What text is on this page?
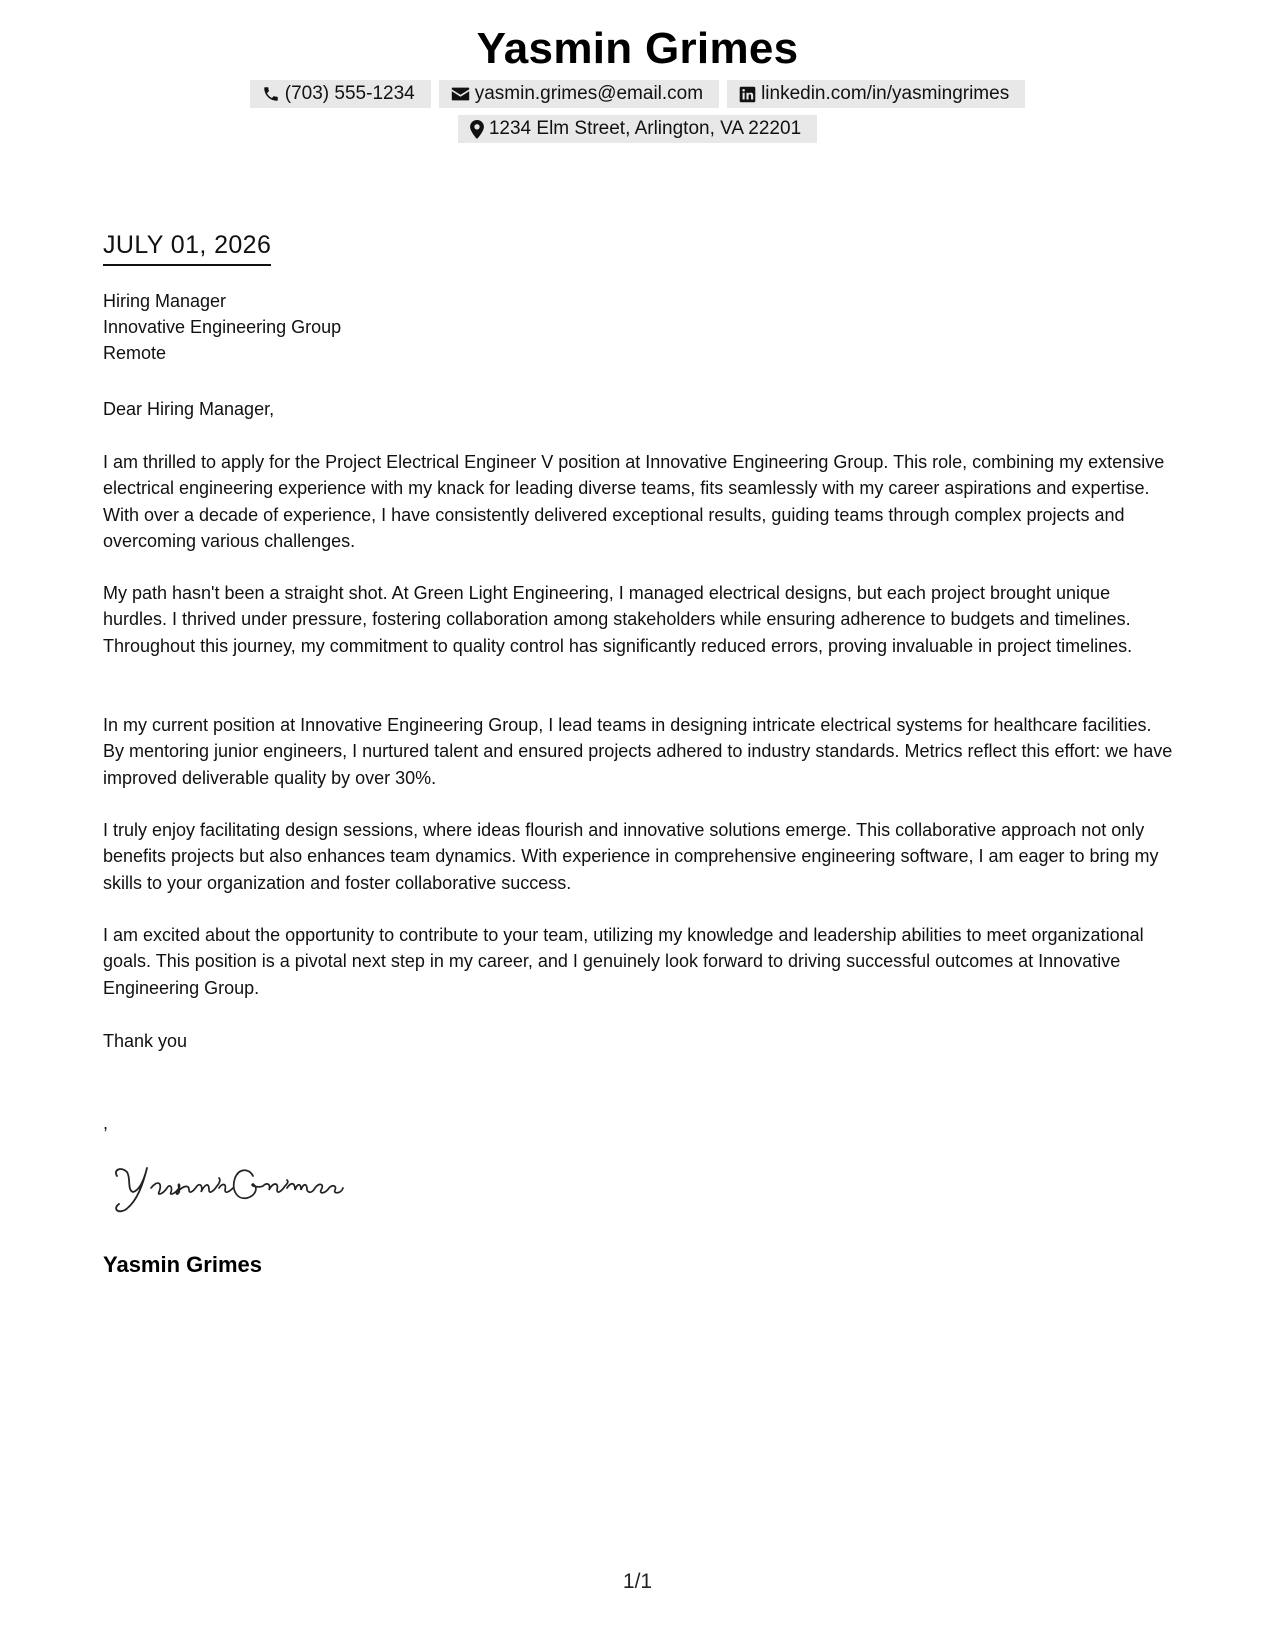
Yasmin Grimes
(703) 555-1234	yasmin.grimes@email.com	linkedin.com/in/yasmingrimes
1234 Elm Street, Arlington, VA 22201
JULY 01, 2026
Hiring Manager
Innovative Engineering Group
Remote

Dear Hiring Manager,

I am thrilled to apply for the Project Electrical Engineer V position at Innovative Engineering Group. This role, combining my extensive electrical engineering experience with my knack for leading diverse teams, fits seamlessly with my career aspirations and expertise. With over a decade of experience, I have consistently delivered exceptional results, guiding teams through complex projects and overcoming various challenges.

My path hasn't been a straight shot. At Green Light Engineering, I managed electrical designs, but each project brought unique hurdles. I thrived under pressure, fostering collaboration among stakeholders while ensuring adherence to budgets and timelines. Throughout this journey, my commitment to quality control has significantly reduced errors, proving invaluable in project timelines.

In my current position at Innovative Engineering Group, I lead teams in designing intricate electrical systems for healthcare facilities. By mentoring junior engineers, I nurtured talent and ensured projects adhered to industry standards. Metrics reflect this effort: we have improved deliverable quality by over 30%.

I truly enjoy facilitating design sessions, where ideas flourish and innovative solutions emerge. This collaborative approach not only benefits projects but also enhances team dynamics. With experience in comprehensive engineering software, I am eager to bring my skills to your organization and foster collaborative success.

I am excited about the opportunity to contribute to your team, utilizing my knowledge and leadership abilities to meet organizational goals. This position is a pivotal next step in my career, and I genuinely look forward to driving successful outcomes at Innovative Engineering Group.

Thank you

,

Yasmin Grimes
1/1
